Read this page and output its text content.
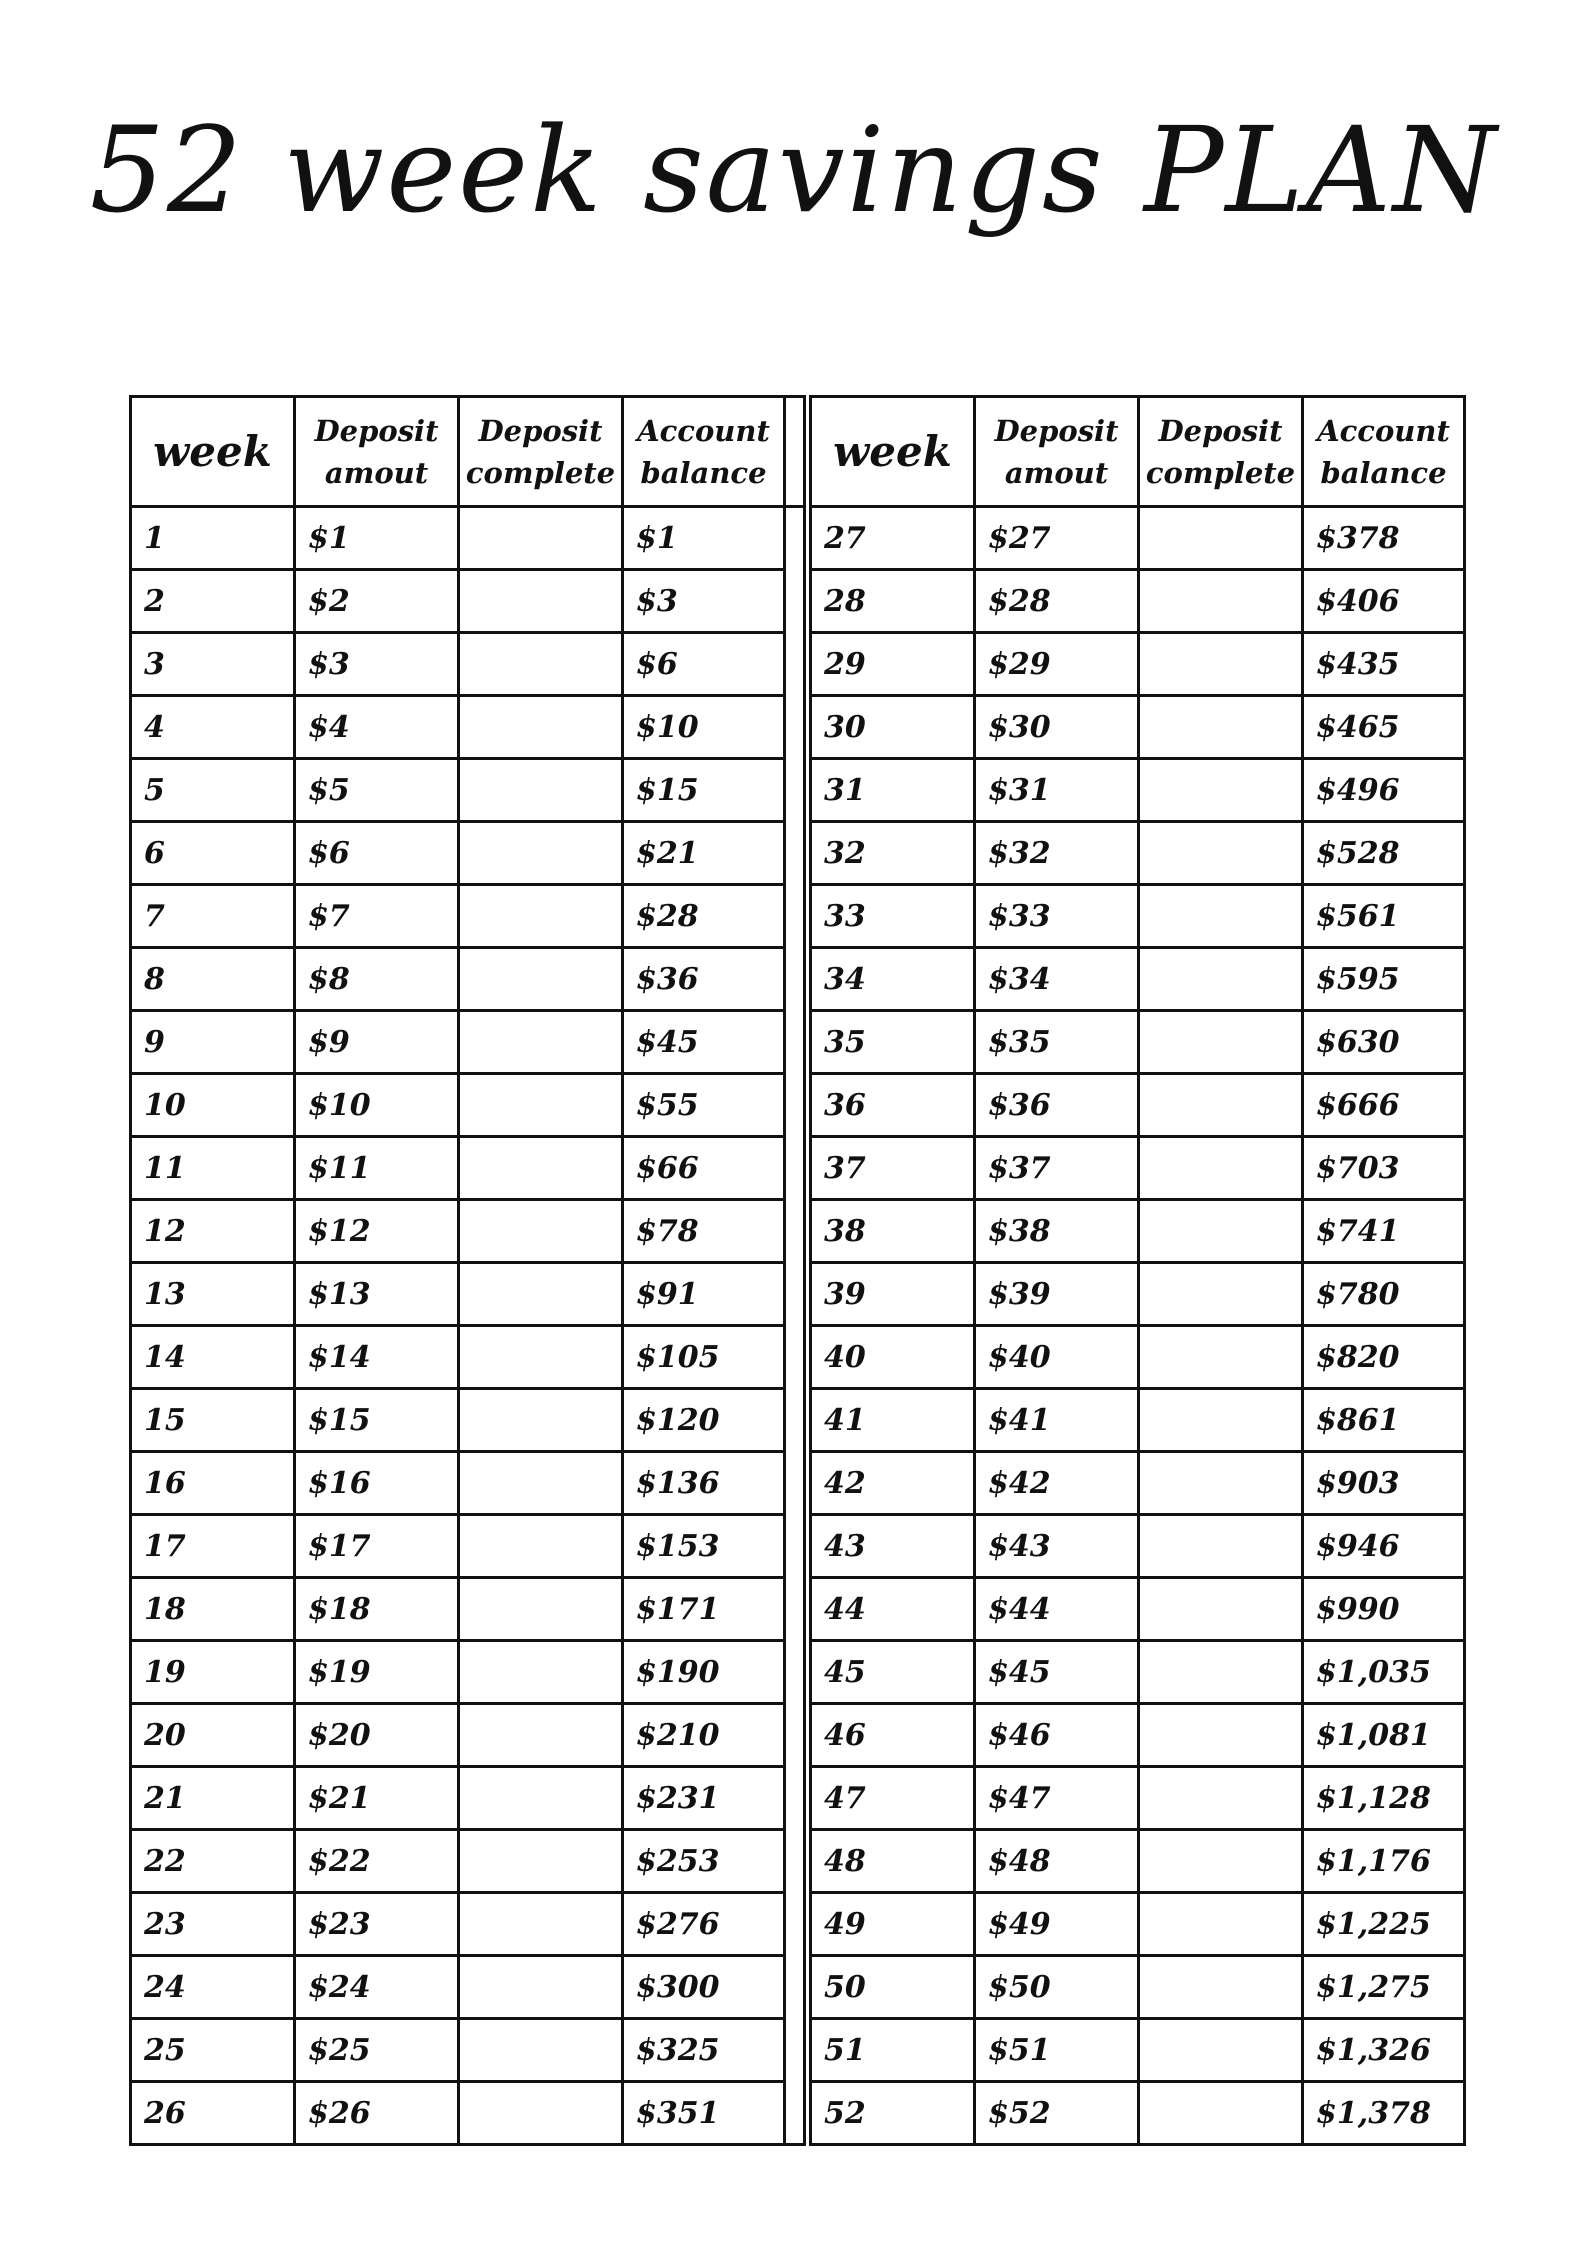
52 week savings PLAN
week	Deposit amout	Deposit complete	Account balance	
1	$1		$1	
2	$2		$3	
3	$3		$6	
4	$4		$10	
5	$5		$15	
6	$6		$21	
7	$7		$28	
8	$8		$36	
9	$9		$45	
10	$10		$55	
11	$11		$66	
12	$12		$78	
13	$13		$91	
14	$14		$105	
15	$15		$120	
16	$16		$136	
17	$17		$153	
18	$18		$171	
19	$19		$190	
20	$20		$210	
21	$21		$231	
22	$22		$253	
23	$23		$276	
24	$24		$300	
25	$25		$325	
26	$26		$351	
week	Deposit amout	Deposit complete	Account balance
27	$27		$378
28	$28		$406
29	$29		$435
30	$30		$465
31	$31		$496
32	$32		$528
33	$33		$561
34	$34		$595
35	$35		$630
36	$36		$666
37	$37		$703
38	$38		$741
39	$39		$780
40	$40		$820
41	$41		$861
42	$42		$903
43	$43		$946
44	$44		$990
45	$45		$1,035
46	$46		$1,081
47	$47		$1,128
48	$48		$1,176
49	$49		$1,225
50	$50		$1,275
51	$51		$1,326
52	$52		$1,378
